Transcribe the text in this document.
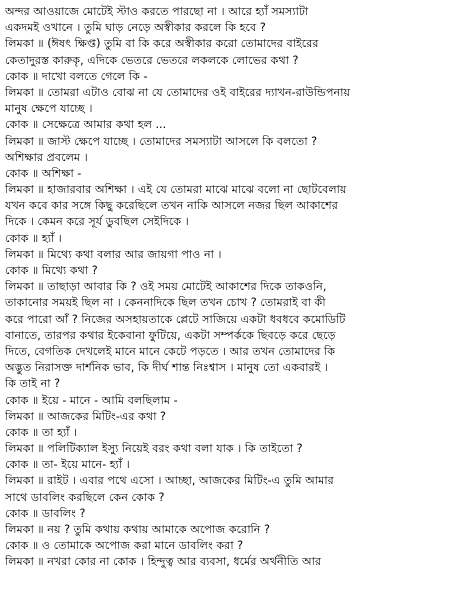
অন্দর আওয়াজে মোটেই স্টাও করতে পারছো না । আরে হ্যাঁ সমস্যাটা
একদমই ওখানে । তুমি ঘাড় নেড়ে অস্বীকার করলে কি হবে ?
লিমকা ॥ (ঈষৎ ক্ষিপ্ত) তুমি বা কি করে অস্বীকার করো তোমাদের বাইরের
কেতাদুরস্ত কারুকৃ, এদিকে ভেতরে ভেতরে লকলকে লোভের কথা ?
কোক ॥ দাখো বলতে গেলে কি -
লিমকা ॥ তোমরা এটাও বোঝ না যে তোমাদের ওই বাইরের দ্যাখন-রাউন্ডিপনায়
মানুষ ক্ষেপে যাচ্ছে ।
কোক ॥ সেক্ষেত্রে আমার কথা হল ...
লিমকা ॥ জাস্ট ক্ষেপে যাচ্ছে । তোমাদের সমস্যাটা আসলে কি বলতো ?
অশিক্ষার প্রবলেম ।
কোক ॥ অশিক্ষা -
লিমকা ॥ হাজারবার অশিক্ষা । এই যে তোমরা মাঝে মাঝে বলো না ছোটবেলায়
যখন কবে কার সঙ্গে কিছু করেছিলে তখন নাকি আসলে নজর ছিল আকাশের
দিকে । কেমন করে সূর্য ডুবছিল সেইদিকে ।
কোক ॥ হ্যাঁ ।
লিমকা ॥ মিথ্যে কথা বলার আর জায়গা পাও না ।
কোক ॥ মিথ্যে কথা ?
লিমকা ॥ তাছাড়া আবার কি ? ওই সময় মোটেই আকাশের দিকে তাকওনি,
তাকানোর সময়ই ছিল না । কেননাদিকে ছিল তখন চোখ ? তোমরাই বা কী
করে পারো আঁ ? নিজের অসহায়তাকে প্লেটে সাজিয়ে একটা ধবধবে কমোডিটি
বানাতে, তারপর কথার ইকেবানা ফুটিয়ে, একটা সম্পর্ককে ছিবড়ে করে ছেড়ে
দিতে, বেগতিক দেখলেই মানে মানে কেটে পড়তে । আর তখন তোমাদের কি
অদ্ভুত নিরাসক্ত দার্শনিক ভাব, কি দীর্ঘ শান্ত নিঃশ্বাস । মানুষ তো একবারই ।
কি তাই না ?
কোক ॥ ইয়ে - মানে - আমি বলছিলাম -
লিমকা ॥ আজকের মিটিং-এর কথা ?
কোক ॥ তা হ্যাঁ ।
লিমকা ॥ পলিটিক্যাল ইস্যু নিয়েই বরং কথা বলা যাক । কি তাইতো ?
কোক ॥ তা- ইয়ে মানে- হ্যাঁ ।
লিমকা ॥ রাইট । এবার পথে এসো । আচ্ছা, আজকের মিটিং-এ তুমি আমার
সাথে ডাবলিং করছিলে কেন কোক ?
কোক ॥ ডাবলিং ?
লিমকা ॥ নয় ? তুমি কথায় কথায় আমাকে অপোজ করোনি ?
কোক ॥ ও তোমাকে অপোজ করা মানে ডাবলিং করা ?
লিমকা ॥ নখরা কোর না কোক । হিন্দুত্ব আর ব্যবসা, ধর্মের অর্থনীতি আর
